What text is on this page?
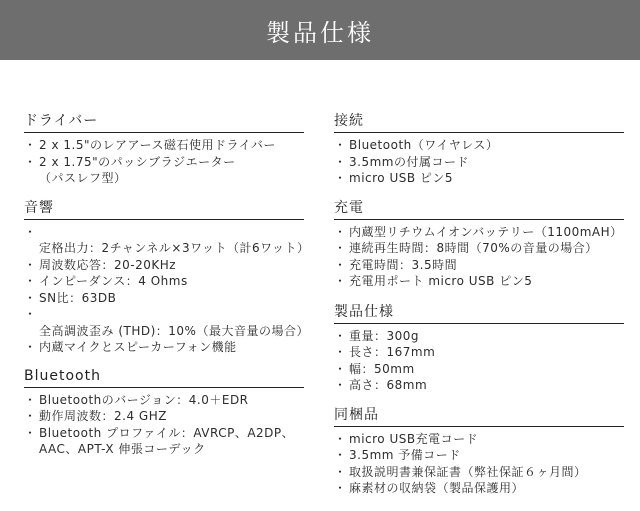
製品仕様
ドライバー
・ 2 x 1.5"のレアアース磁石使用ドライバー
・ 2 x 1.75"のパッシブラジエーター
（パスレフ型）
音響
・ 定格出力：2チャンネル×3ワット（計6ワット）
・ 周波数応答：20-20KHz
・ インピーダンス：4 Ohms
・ SN比：63DB
・ 全高調波歪み (THD)：10%（最大音量の場合）
・ 内蔵マイクとスピーカーフォン機能
Bluetooth
・ Bluetoothのバージョン：4.0＋EDR
・ 動作周波数：2.4 GHZ
・ Bluetooth プロファイル：AVRCP、A2DP、AAC、APT-X 伸張コーデック
接続
・ Bluetooth（ワイヤレス）
・ 3.5mmの付属コード
・ micro USB ピン5
充電
・ 内蔵型リチウムイオンバッテリー（1100mAH）
・ 連続再生時間：8時間（70%の音量の場合）
・ 充電時間：3.5時間
・ 充電用ポート micro USB ピン5
製品仕様
・ 重量：300g
・ 長さ：167mm
・ 幅：50mm
・ 高さ：68mm
同梱品
・ micro USB充電コード
・ 3.5mm 予備コード
・ 取扱説明書兼保証書（弊社保証６ヶ月間）
・ 麻素材の収納袋（製品保護用）
